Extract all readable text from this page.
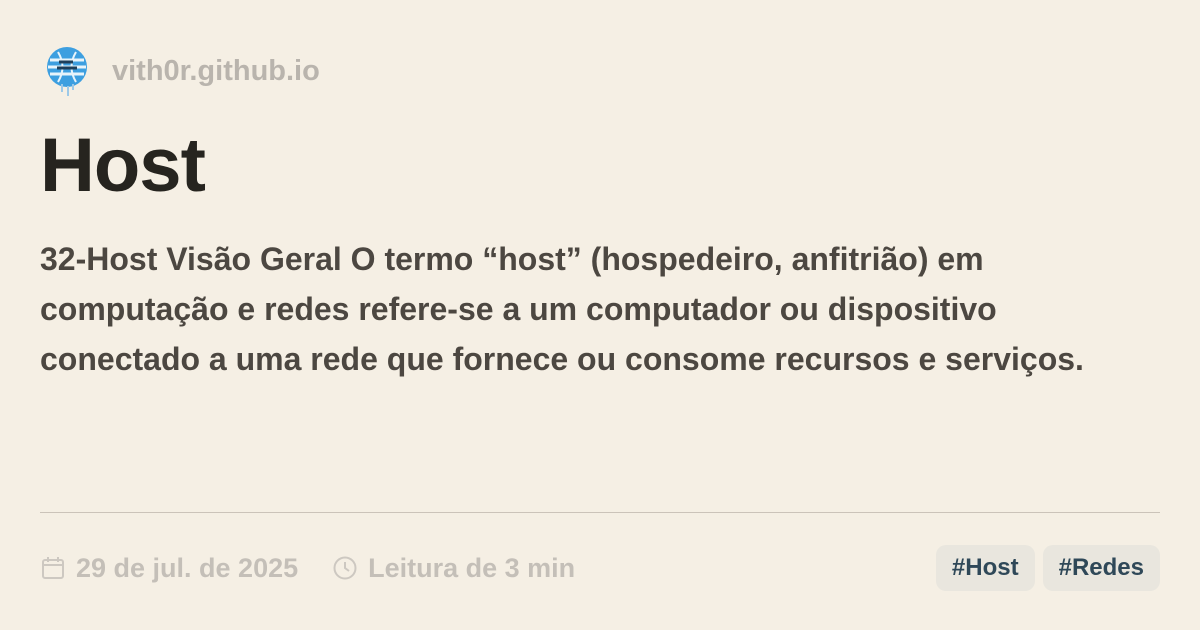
vith0r.github.io
Host

32-Host Visão Geral O termo “host” (hospedeiro, anfitrião) em computação e redes refere-se a um computador ou dispositivo conectado a uma rede que fornece ou consome recursos e serviços.

29 de jul. de 2025	Leitura de 3 min	#Host	#Redes
